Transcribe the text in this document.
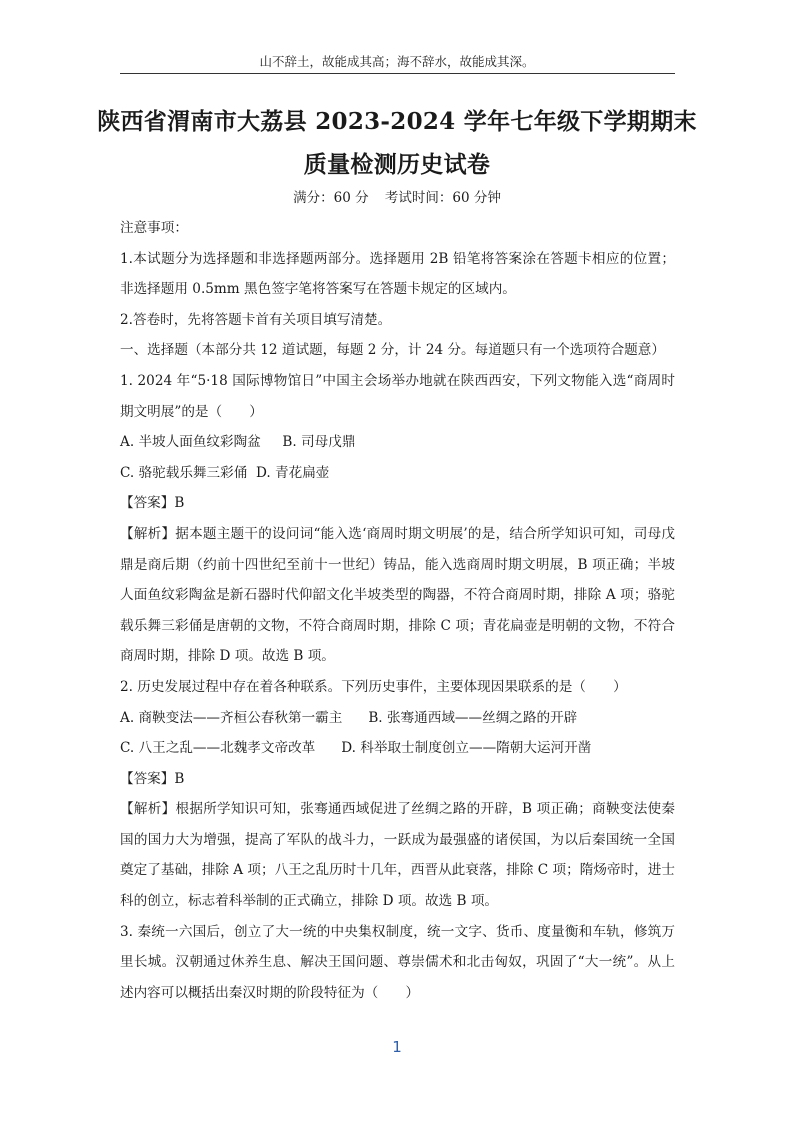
山不辞土，故能成其高；海不辞水，故能成其深。
陕西省渭南市大荔县 2023-2024 学年七年级下学期期末
质量检测历史试卷
满分：60 分 考试时间：60 分钟

注意事项：

1.本试题分为选择题和非选择题两部分。选择题用 2B 铅笔将答案涂在答题卡相应的位置；非选择题用 0.5mm 黑色签字笔将答案写在答题卡规定的区域内。

2.答卷时，先将答题卡首有关项目填写清楚。

一、选择题（本部分共 12 道试题，每题 2 分，计 24 分。每道题只有一个选项符合题意）

1. 2024 年“5·18 国际博物馆日”中国主会场举办地就在陕西西安，下列文物能入选“商周时期文明展”的是（　　）

A. 半坡人面鱼纹彩陶盆 B. 司母戊鼎

C. 骆驼载乐舞三彩俑 D. 青花扁壶

【答案】B

【解析】据本题主题干的设问词“能入选‘商周时期文明展’的是，结合所学知识可知，司母戊鼎是商后期（约前十四世纪至前十一世纪）铸品，能入选商周时期文明展，B 项正确；半坡人面鱼纹彩陶盆是新石器时代仰韶文化半坡类型的陶器，不符合商周时期，排除 A 项；骆驼载乐舞三彩俑是唐朝的文物，不符合商周时期，排除 C 项；青花扁壶是明朝的文物，不符合商周时期，排除 D 项。故选 B 项。

2. 历史发展过程中存在着各种联系。下列历史事件，主要体现因果联系的是（　　）

A. 商鞅变法——齐桓公春秋第一霸主 B. 张骞通西域——丝绸之路的开辟

C. 八王之乱——北魏孝文帝改革 D. 科举取士制度创立——隋朝大运河开凿

【答案】B

【解析】根据所学知识可知，张骞通西域促进了丝绸之路的开辟，B 项正确；商鞅变法使秦国的国力大为增强，提高了军队的战斗力，一跃成为最强盛的诸侯国，为以后秦国统一全国奠定了基础，排除 A 项；八王之乱历时十几年，西晋从此衰落，排除 C 项；隋炀帝时，进士科的创立，标志着科举制的正式确立，排除 D 项。故选 B 项。

3. 秦统一六国后，创立了大一统的中央集权制度，统一文字、货币、度量衡和车轨，修筑万里长城。汉朝通过休养生息、解决王国问题、尊崇儒术和北击匈奴，巩固了“大一统”。从上述内容可以概括出秦汉时期的阶段特征为（　　）

1
